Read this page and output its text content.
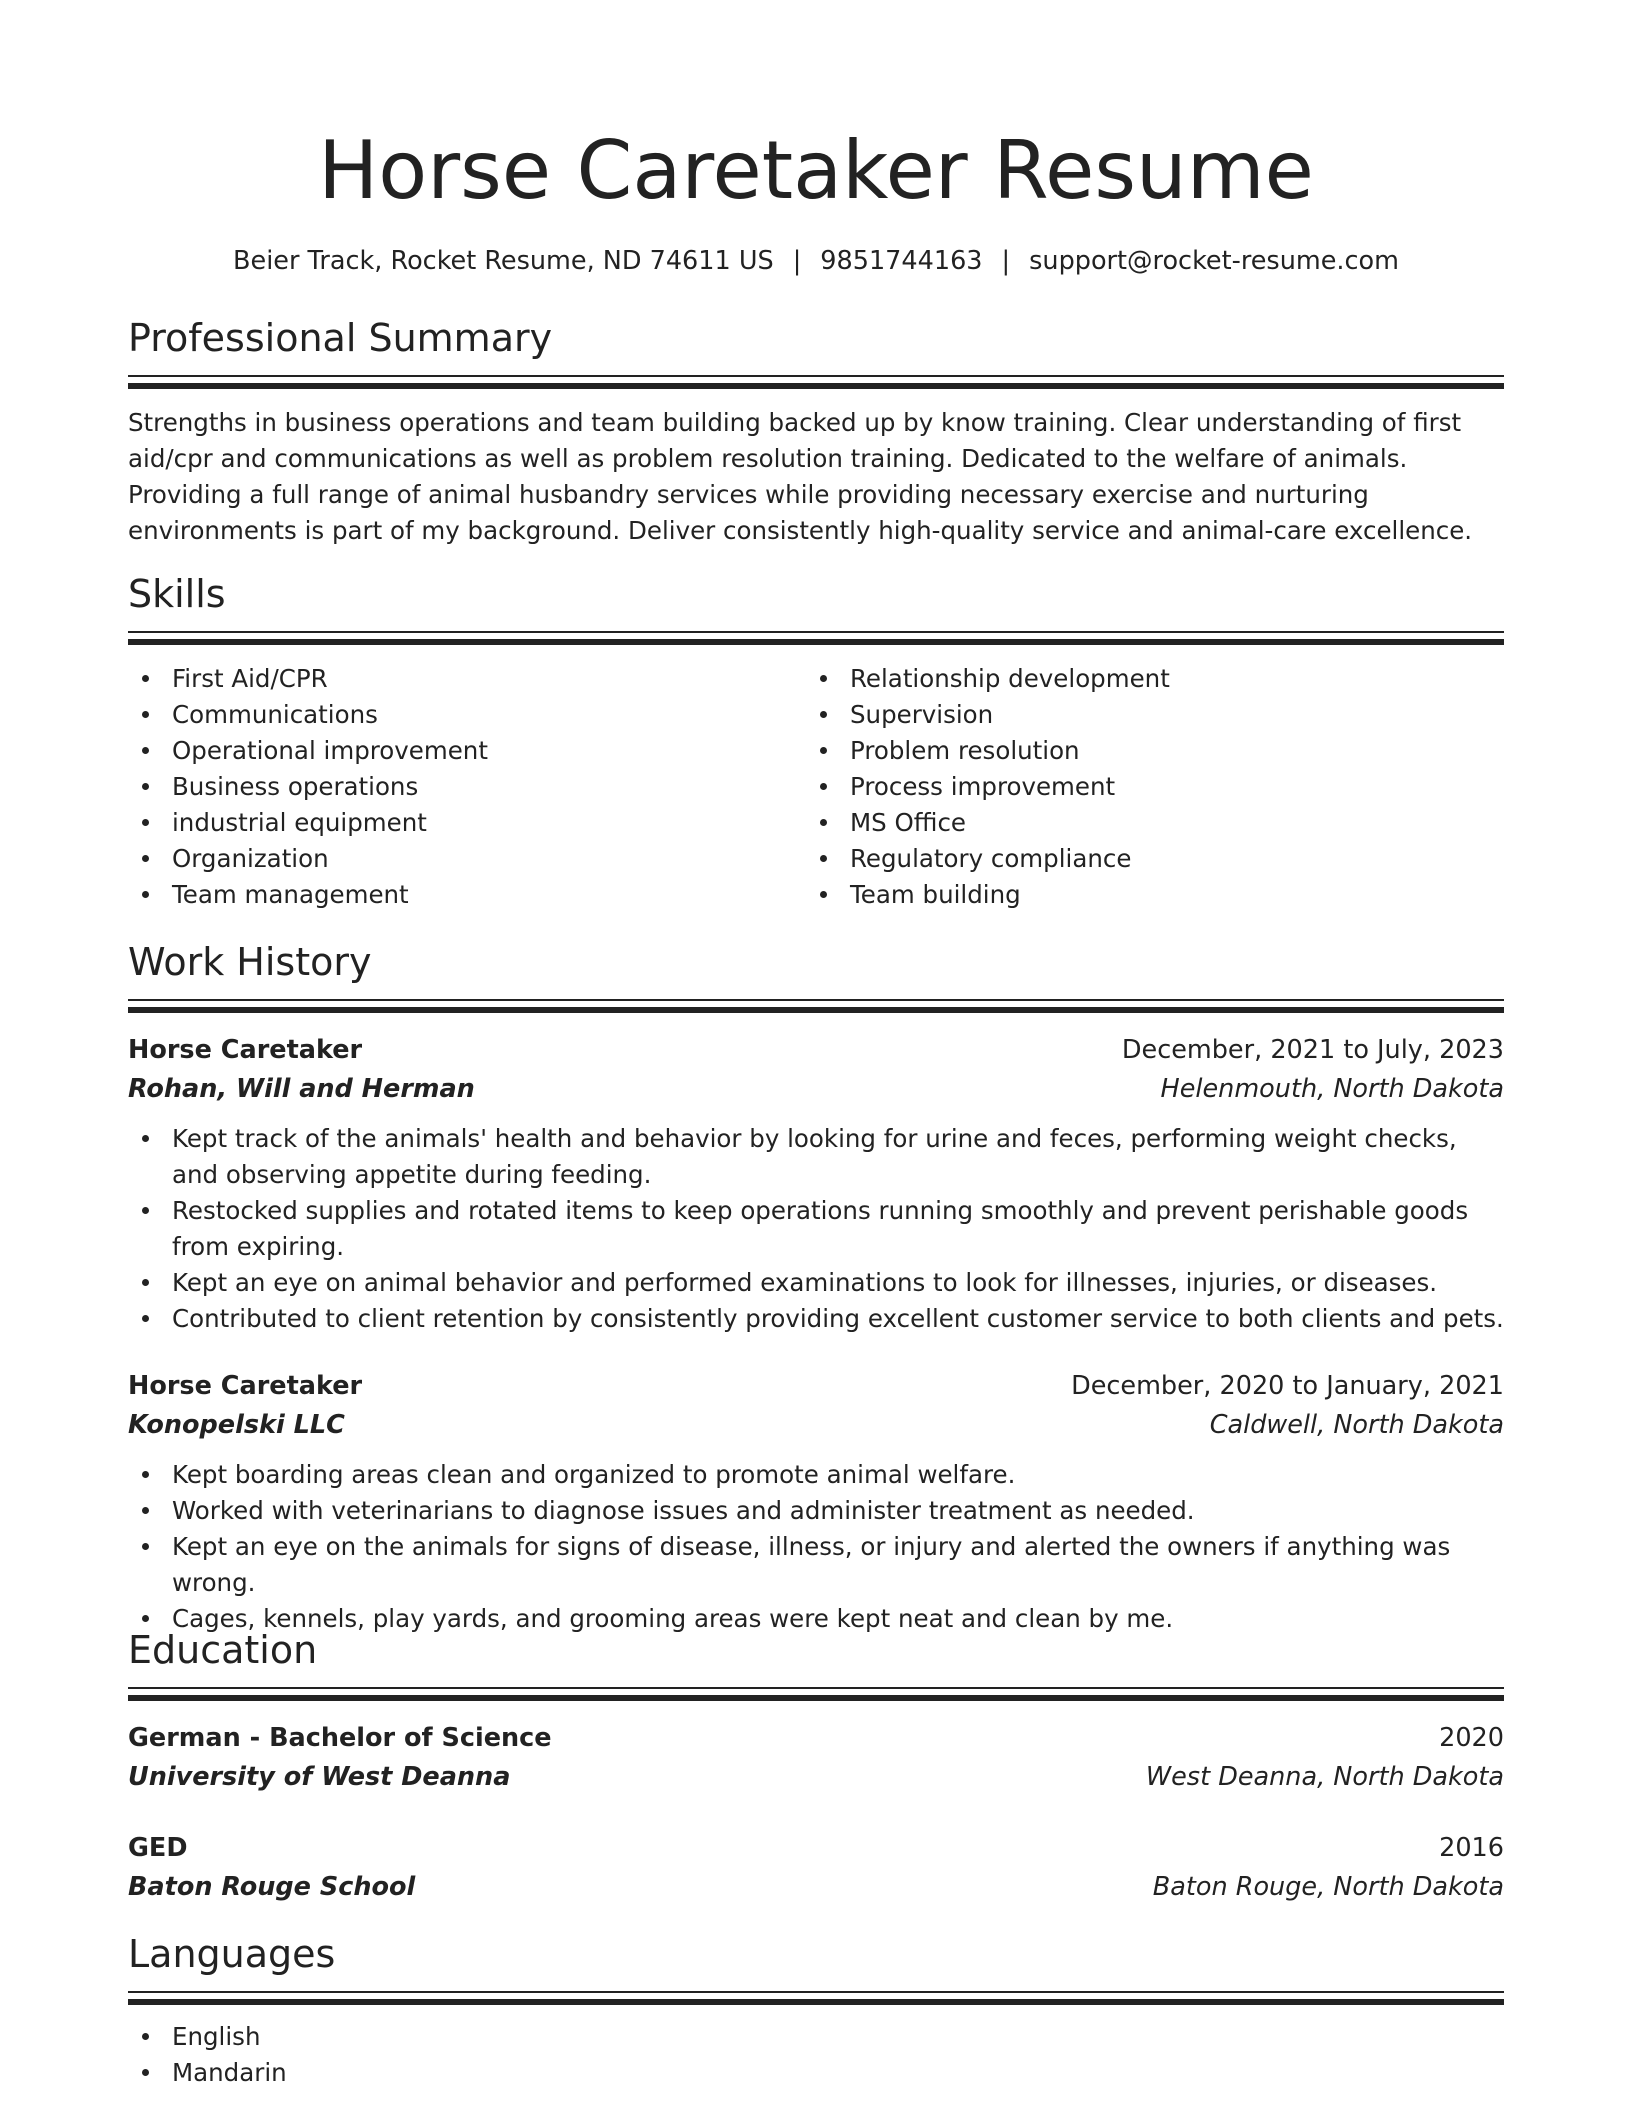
Horse Caretaker Resume
Beier Track, Rocket Resume, ND 74611 US | 9851744163 | support@rocket-resume.com
Professional Summary
Strengths in business operations and team building backed up by know training. Clear understanding of first aid/cpr and communications as well as problem resolution training. Dedicated to the welfare of animals. Providing a full range of animal husbandry services while providing necessary exercise and nurturing environments is part of my background. Deliver consistently high-quality service and animal-care excellence.
Skills
First Aid/CPR
Communications
Operational improvement
Business operations
industrial equipment
Organization
Team management
Relationship development
Supervision
Problem resolution
Process improvement
MS Office
Regulatory compliance
Team building
Work History
Horse Caretaker	December, 2021 to July, 2023
Rohan, Will and Herman	Helenmouth, North Dakota
Kept track of the animals' health and behavior by looking for urine and feces, performing weight checks, and observing appetite during feeding.
Restocked supplies and rotated items to keep operations running smoothly and prevent perishable goods from expiring.
Kept an eye on animal behavior and performed examinations to look for illnesses, injuries, or diseases.
Contributed to client retention by consistently providing excellent customer service to both clients and pets.
Horse Caretaker	December, 2020 to January, 2021
Konopelski LLC	Caldwell, North Dakota
Kept boarding areas clean and organized to promote animal welfare.
Worked with veterinarians to diagnose issues and administer treatment as needed.
Kept an eye on the animals for signs of disease, illness, or injury and alerted the owners if anything was wrong.
Cages, kennels, play yards, and grooming areas were kept neat and clean by me.
Education
German - Bachelor of Science	2020
University of West Deanna	West Deanna, North Dakota
GED	2016
Baton Rouge School	Baton Rouge, North Dakota
Languages
English
Mandarin
